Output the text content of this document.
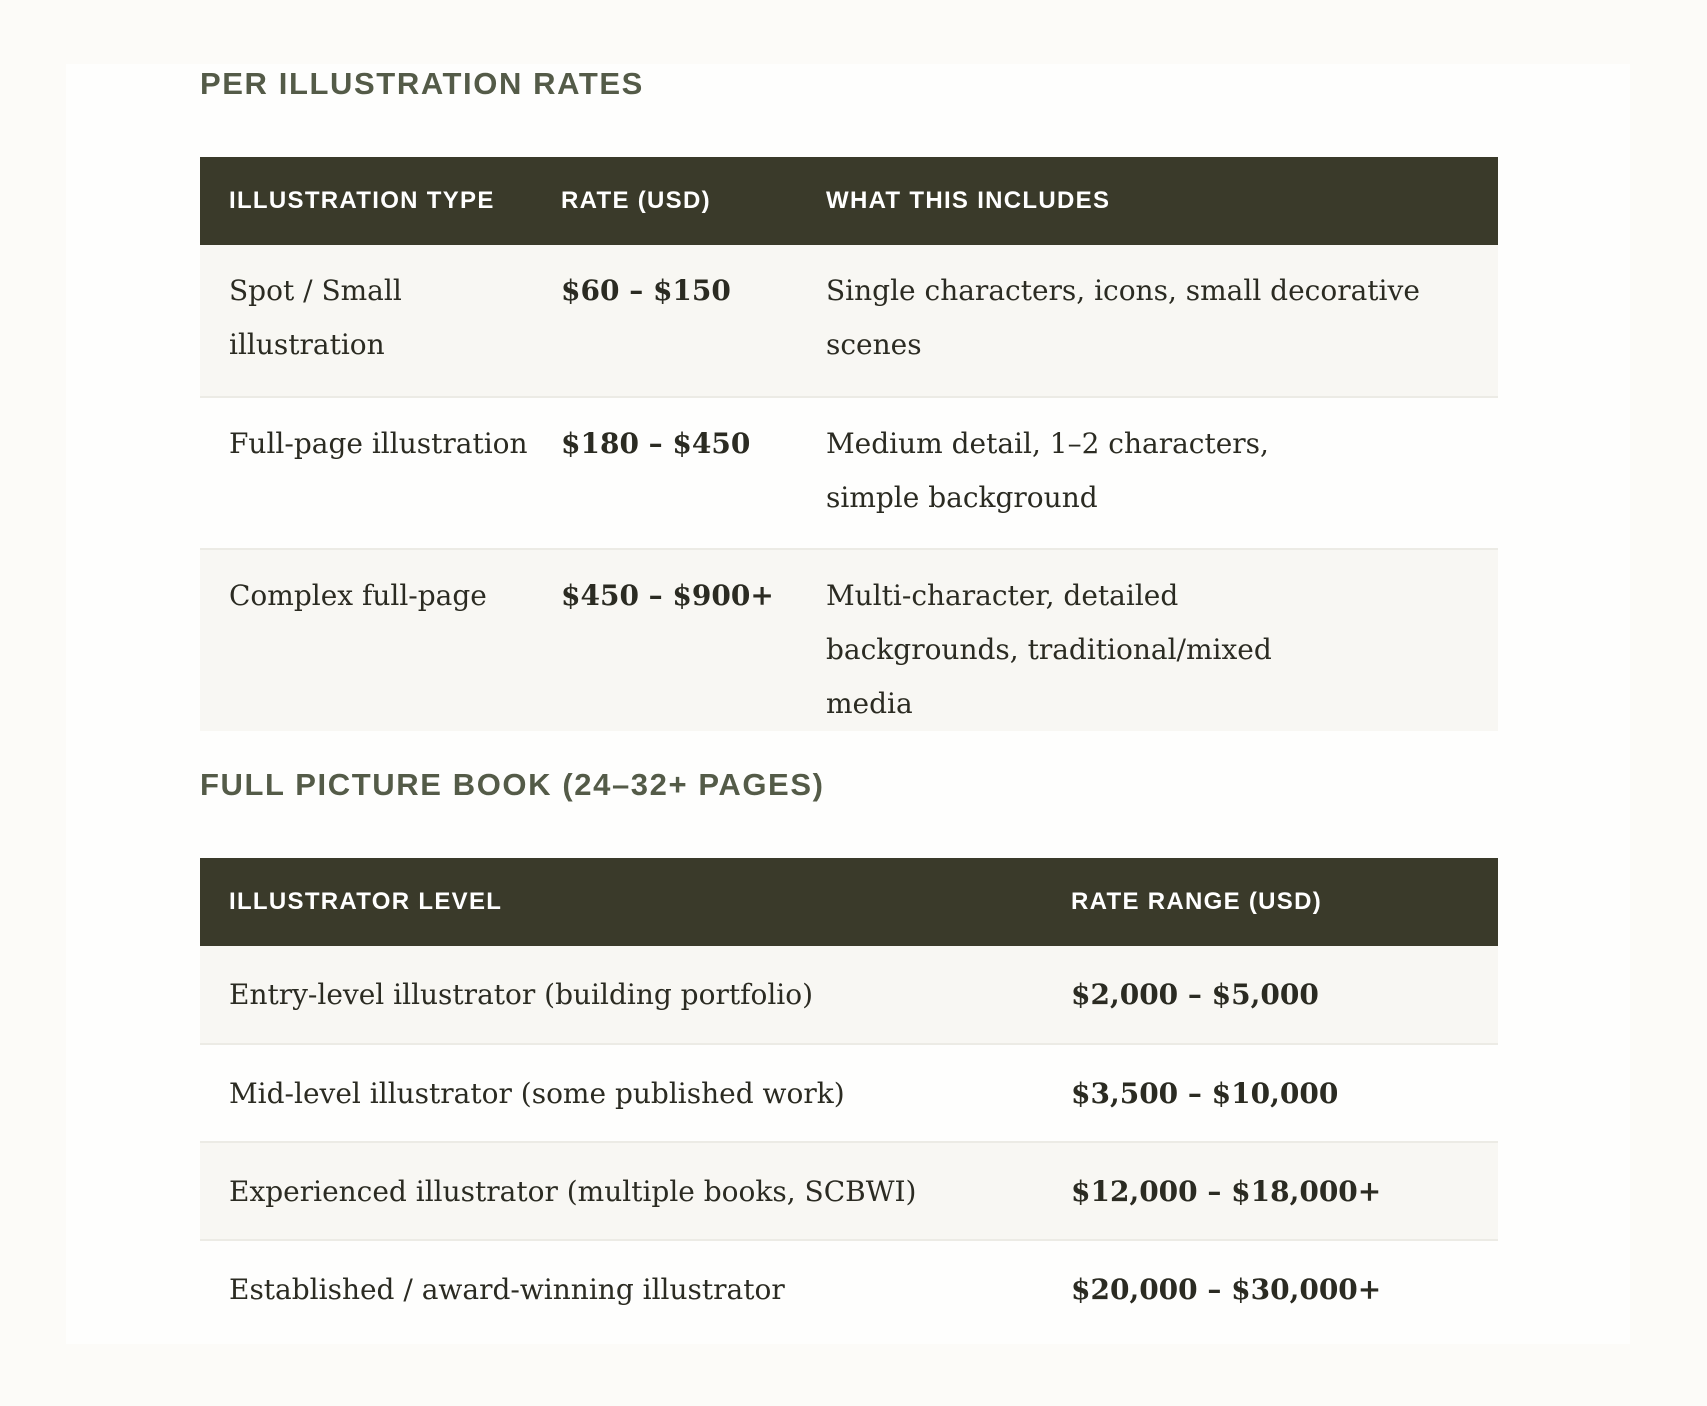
PER ILLUSTRATION RATES
ILLUSTRATION TYPE	RATE (USD)	WHAT THIS INCLUDES
Spot / Small illustration	$60 – $150	Single characters, icons, small decorative scenes
Full-page illustration	$180 – $450	Medium detail, 1–2 characters, simple background
Complex full-page	$450 – $900+	Multi-character, detailed backgrounds, traditional/mixed media
FULL PICTURE BOOK (24–32+ PAGES)
ILLUSTRATOR LEVEL	RATE RANGE (USD)
Entry-level illustrator (building portfolio)	$2,000 – $5,000
Mid-level illustrator (some published work)	$3,500 – $10,000
Experienced illustrator (multiple books, SCBWI)	$12,000 – $18,000+
Established / award-winning illustrator	$20,000 – $30,000+
